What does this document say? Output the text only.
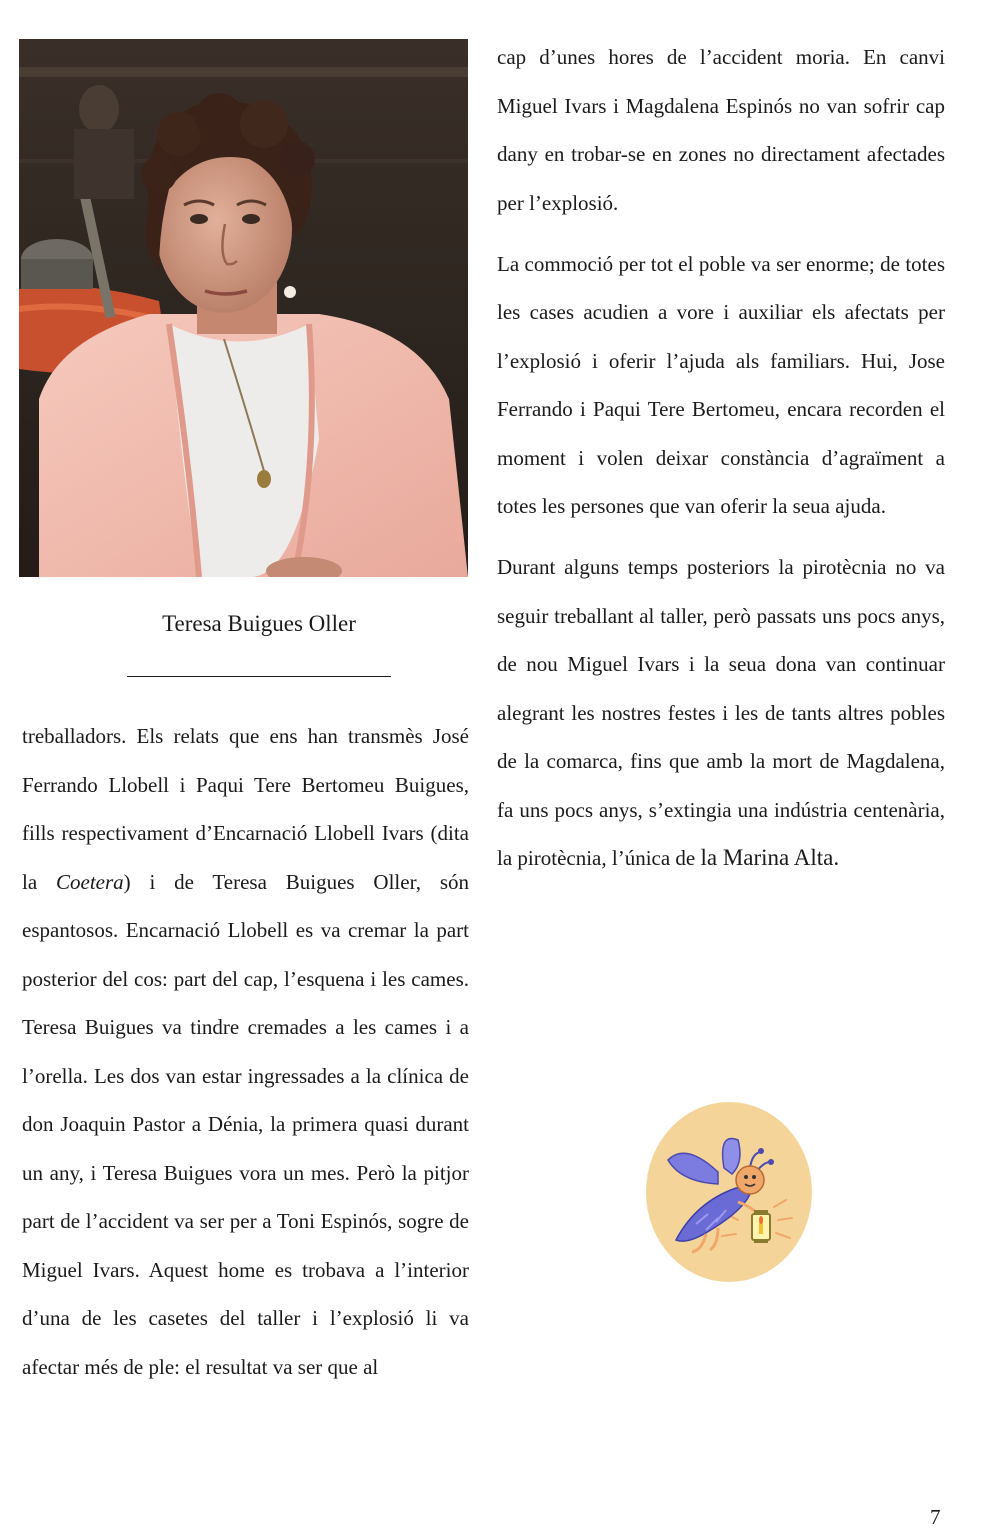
Teresa Buigues Oller

treballadors. Els relats que ens han transmès José Ferrando Llobell i Paqui Tere Bertomeu Buigues, fills respectivament d’Encarnació Llobell Ivars (dita la Coetera) i de Teresa Buigues Oller, són espantosos. Encarnació Llobell es va cremar la part posterior del cos: part del cap, l’esquena i les cames. Teresa Buigues va tindre cremades a les cames i a l’orella. Les dos van estar ingressades a la clínica de don Joaquin Pastor a Dénia, la primera quasi durant un any, i Teresa Buigues vora un mes. Però la pitjor part de l’accident va ser per a Toni Espinós, sogre de Miguel Ivars. Aquest home es trobava a l’interior d’una de les casetes del taller i l’explosió li va afectar més de ple: el resultat va ser que al

cap d’unes hores de l’accident moria. En canvi Miguel Ivars i Magdalena Espinós no van sofrir cap dany en trobar-se en zones no directament afectades per l’explosió.

La commoció per tot el poble va ser enorme; de totes les cases acudien a vore i auxiliar els afectats per l’explosió i oferir l’ajuda als familiars. Hui, Jose Ferrando i Paqui Tere Bertomeu, encara recorden el moment i volen deixar constància d’agraïment a totes les persones que van oferir la seua ajuda.

Durant alguns temps posteriors la pirotècnia no va seguir treballant al taller, però passats uns pocs anys, de nou Miguel Ivars i la seua dona van continuar alegrant les nostres festes i les de tants altres pobles de la comarca, fins que amb la mort de Magdalena, fa uns pocs anys, s’extingia una indústria centenària, la pirotècnia, l’única de la Marina Alta.

7
